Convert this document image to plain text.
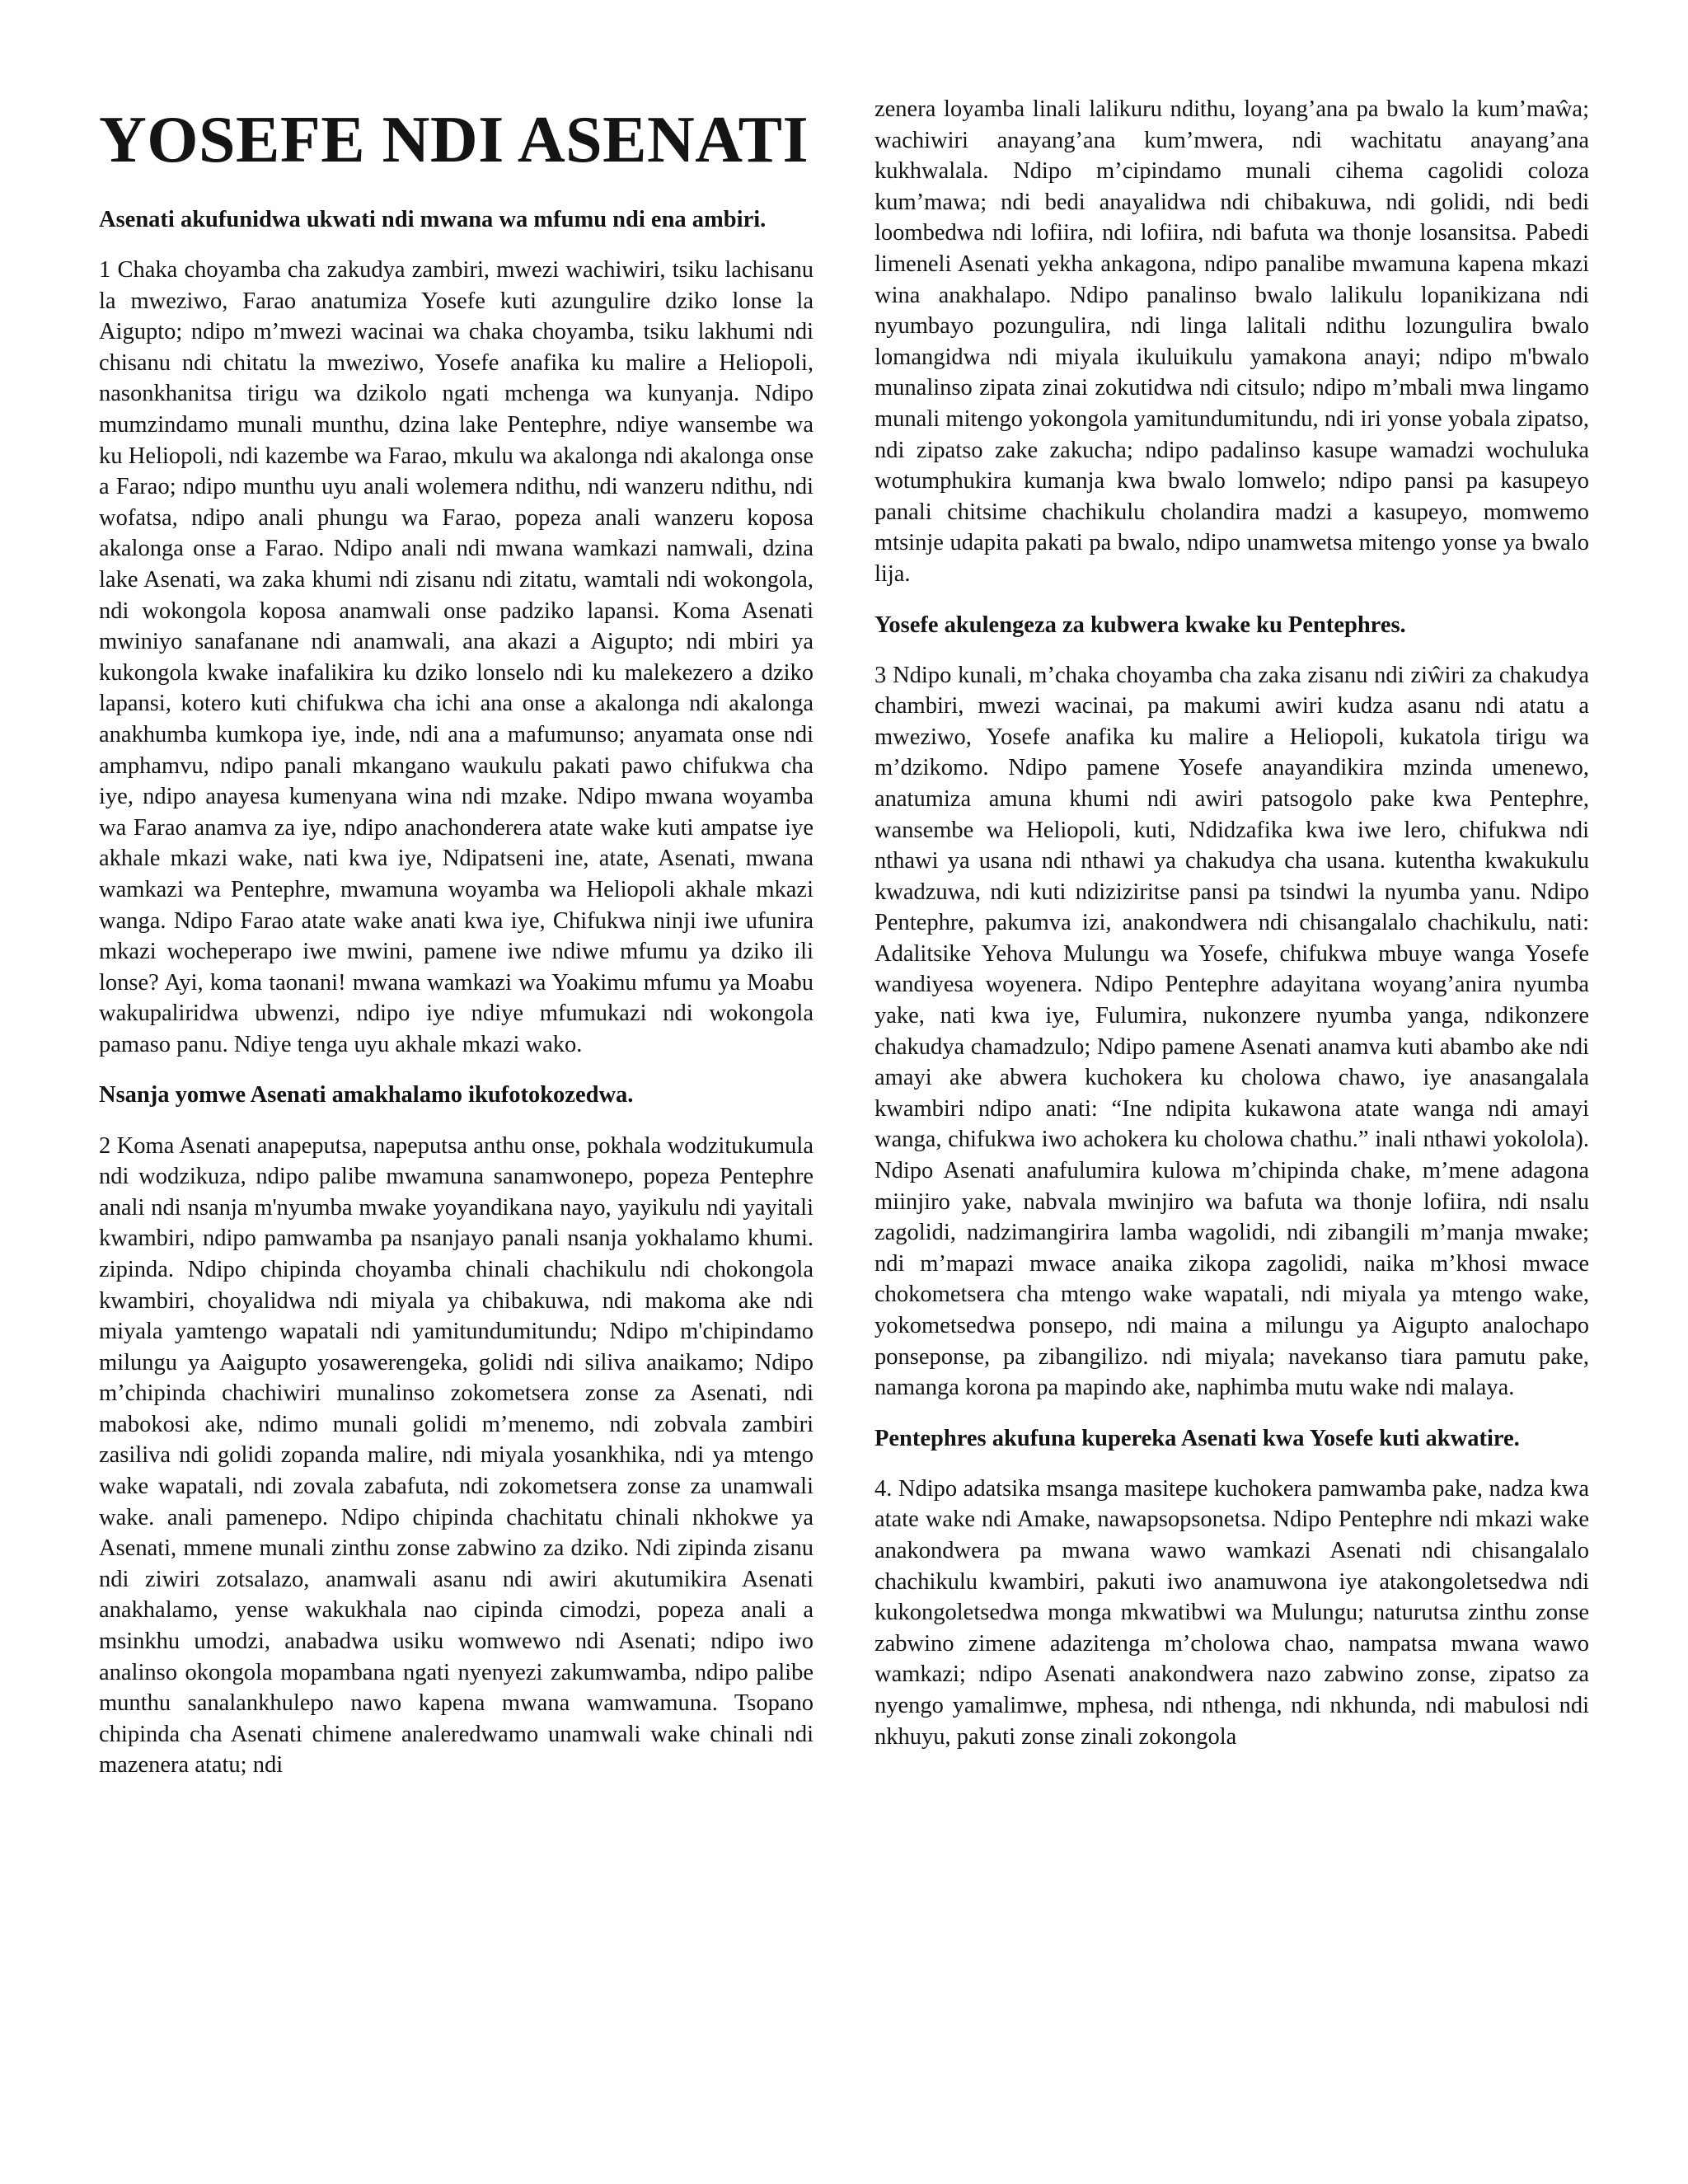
YOSEFE NDI ASENATI
Asenati akufunidwa ukwati ndi mwana wa mfumu ndi ena ambiri.

1 Chaka choyamba cha zakudya zambiri, mwezi wachiwiri, tsiku lachisanu la mweziwo, Farao anatumiza Yosefe kuti azungulire dziko lonse la Aigupto; ndipo m’mwezi wacinai wa chaka choyamba, tsiku lakhumi ndi chisanu ndi chitatu la mweziwo, Yosefe anafika ku malire a Heliopoli, nasonkhanitsa tirigu wa dzikolo ngati mchenga wa kunyanja. Ndipo mumzindamo munali munthu, dzina lake Pentephre, ndiye wansembe wa ku Heliopoli, ndi kazembe wa Farao, mkulu wa akalonga ndi akalonga onse a Farao; ndipo munthu uyu anali wolemera ndithu, ndi wanzeru ndithu, ndi wofatsa, ndipo anali phungu wa Farao, popeza anali wanzeru koposa akalonga onse a Farao. Ndipo anali ndi mwana wamkazi namwali, dzina lake Asenati, wa zaka khumi ndi zisanu ndi zitatu, wamtali ndi wokongola, ndi wokongola koposa anamwali onse padziko lapansi. Koma Asenati mwiniyo sanafanane ndi anamwali, ana akazi a Aigupto; ndi mbiri ya kukongola kwake inafalikira ku dziko lonselo ndi ku malekezero a dziko lapansi, kotero kuti chifukwa cha ichi ana onse a akalonga ndi akalonga anakhumba kumkopa iye, inde, ndi ana a mafumunso; anyamata onse ndi amphamvu, ndipo panali mkangano waukulu pakati pawo chifukwa cha iye, ndipo anayesa kumenyana wina ndi mzake. Ndipo mwana woyamba wa Farao anamva za iye, ndipo anachonderera atate wake kuti ampatse iye akhale mkazi wake, nati kwa iye, Ndipatseni ine, atate, Asenati, mwana wamkazi wa Pentephre, mwamuna woyamba wa Heliopoli akhale mkazi wanga. Ndipo Farao atate wake anati kwa iye, Chifukwa ninji iwe ufunira mkazi wocheperapo iwe mwini, pamene iwe ndiwe mfumu ya dziko ili lonse? Ayi, koma taonani! mwana wamkazi wa Yoakimu mfumu ya Moabu wakupaliridwa ubwenzi, ndipo iye ndiye mfumukazi ndi wokongola pamaso panu. Ndiye tenga uyu akhale mkazi wako.

Nsanja yomwe Asenati amakhalamo ikufotokozedwa.

2 Koma Asenati anapeputsa, napeputsa anthu onse, pokhala wodzitukumula ndi wodzikuza, ndipo palibe mwamuna sanamwonepo, popeza Pentephre anali ndi nsanja m'nyumba mwake yoyandikana nayo, yayikulu ndi yayitali kwambiri, ndipo pamwamba pa nsanjayo panali nsanja yokhalamo khumi. zipinda. Ndipo chipinda choyamba chinali chachikulu ndi chokongola kwambiri, choyalidwa ndi miyala ya chibakuwa, ndi makoma ake ndi miyala yamtengo wapatali ndi yamitundumitundu; Ndipo m'chipindamo milungu ya Aaigupto yosawerengeka, golidi ndi siliva anaikamo; Ndipo m’chipinda chachiwiri munalinso zokometsera zonse za Asenati, ndi mabokosi ake, ndimo munali golidi m’menemo, ndi zobvala zambiri zasiliva ndi golidi zopanda malire, ndi miyala yosankhika, ndi ya mtengo wake wapatali, ndi zovala zabafuta, ndi zokometsera zonse za unamwali wake. anali pamenepo. Ndipo chipinda chachitatu chinali nkhokwe ya Asenati, mmene munali zinthu zonse zabwino za dziko. Ndi zipinda zisanu ndi ziwiri zotsalazo, anamwali asanu ndi awiri akutumikira Asenati anakhalamo, yense wakukhala nao cipinda cimodzi, popeza anali a msinkhu umodzi, anabadwa usiku womwewo ndi Asenati; ndipo iwo analinso okongola mopambana ngati nyenyezi zakumwamba, ndipo palibe munthu sanalankhulepo nawo kapena mwana wamwamuna. Tsopano chipinda cha Asenati chimene analeredwamo unamwali wake chinali ndi mazenera atatu; ndi

zenera loyamba linali lalikuru ndithu, loyang’ana pa bwalo la kum’maŵa; wachiwiri anayang’ana kum’mwera, ndi wachitatu anayang’ana kukhwalala. Ndipo m’cipindamo munali cihema cagolidi coloza kum’mawa; ndi bedi anayalidwa ndi chibakuwa, ndi golidi, ndi bedi loombedwa ndi lofiira, ndi lofiira, ndi bafuta wa thonje losansitsa. Pabedi limeneli Asenati yekha ankagona, ndipo panalibe mwamuna kapena mkazi wina anakhalapo. Ndipo panalinso bwalo lalikulu lopanikizana ndi nyumbayo pozungulira, ndi linga lalitali ndithu lozungulira bwalo lomangidwa ndi miyala ikuluikulu yamakona anayi; ndipo m'bwalo munalinso zipata zinai zokutidwa ndi citsulo; ndipo m’mbali mwa lingamo munali mitengo yokongola yamitundumitundu, ndi iri yonse yobala zipatso, ndi zipatso zake zakucha; ndipo padalinso kasupe wamadzi wochuluka wotumphukira kumanja kwa bwalo lomwelo; ndipo pansi pa kasupeyo panali chitsime chachikulu cholandira madzi a kasupeyo, momwemo mtsinje udapita pakati pa bwalo, ndipo unamwetsa mitengo yonse ya bwalo lija.

Yosefe akulengeza za kubwera kwake ku Pentephres.

3 Ndipo kunali, m’chaka choyamba cha zaka zisanu ndi ziŵiri za chakudya chambiri, mwezi wacinai, pa makumi awiri kudza asanu ndi atatu a mweziwo, Yosefe anafika ku malire a Heliopoli, kukatola tirigu wa m’dzikomo. Ndipo pamene Yosefe anayandikira mzinda umenewo, anatumiza amuna khumi ndi awiri patsogolo pake kwa Pentephre, wansembe wa Heliopoli, kuti, Ndidzafika kwa iwe lero, chifukwa ndi nthawi ya usana ndi nthawi ya chakudya cha usana. kutentha kwakukulu kwadzuwa, ndi kuti ndiziziritse pansi pa tsindwi la nyumba yanu. Ndipo Pentephre, pakumva izi, anakondwera ndi chisangalalo chachikulu, nati: Adalitsike Yehova Mulungu wa Yosefe, chifukwa mbuye wanga Yosefe wandiyesa woyenera. Ndipo Pentephre adayitana woyang’anira nyumba yake, nati kwa iye, Fulumira, nukonzere nyumba yanga, ndikonzere chakudya chamadzulo; Ndipo pamene Asenati anamva kuti abambo ake ndi amayi ake abwera kuchokera ku cholowa chawo, iye anasangalala kwambiri ndipo anati: “Ine ndipita kukawona atate wanga ndi amayi wanga, chifukwa iwo achokera ku cholowa chathu.” inali nthawi yokolola). Ndipo Asenati anafulumira kulowa m’chipinda chake, m’mene adagona miinjiro yake, nabvala mwinjiro wa bafuta wa thonje lofiira, ndi nsalu zagolidi, nadzimangirira lamba wagolidi, ndi zibangili m’manja mwake; ndi m’mapazi mwace anaika zikopa zagolidi, naika m’khosi mwace chokometsera cha mtengo wake wapatali, ndi miyala ya mtengo wake, yokometsedwa ponsepo, ndi maina a milungu ya Aigupto analochapo ponseponse, pa zibangilizo. ndi miyala; navekanso tiara pamutu pake, namanga korona pa mapindo ake, naphimba mutu wake ndi malaya.

Pentephres akufuna kupereka Asenati kwa Yosefe kuti akwatire.

4. Ndipo adatsika msanga masitepe kuchokera pamwamba pake, nadza kwa atate wake ndi Amake, nawapsopsonetsa. Ndipo Pentephre ndi mkazi wake anakondwera pa mwana wawo wamkazi Asenati ndi chisangalalo chachikulu kwambiri, pakuti iwo anamuwona iye atakongoletsedwa ndi kukongoletsedwa monga mkwatibwi wa Mulungu; naturutsa zinthu zonse zabwino zimene adazitenga m’cholowa chao, nampatsa mwana wawo wamkazi; ndipo Asenati anakondwera nazo zabwino zonse, zipatso za nyengo yamalimwe, mphesa, ndi nthenga, ndi nkhunda, ndi mabulosi ndi nkhuyu, pakuti zonse zinali zokongola
